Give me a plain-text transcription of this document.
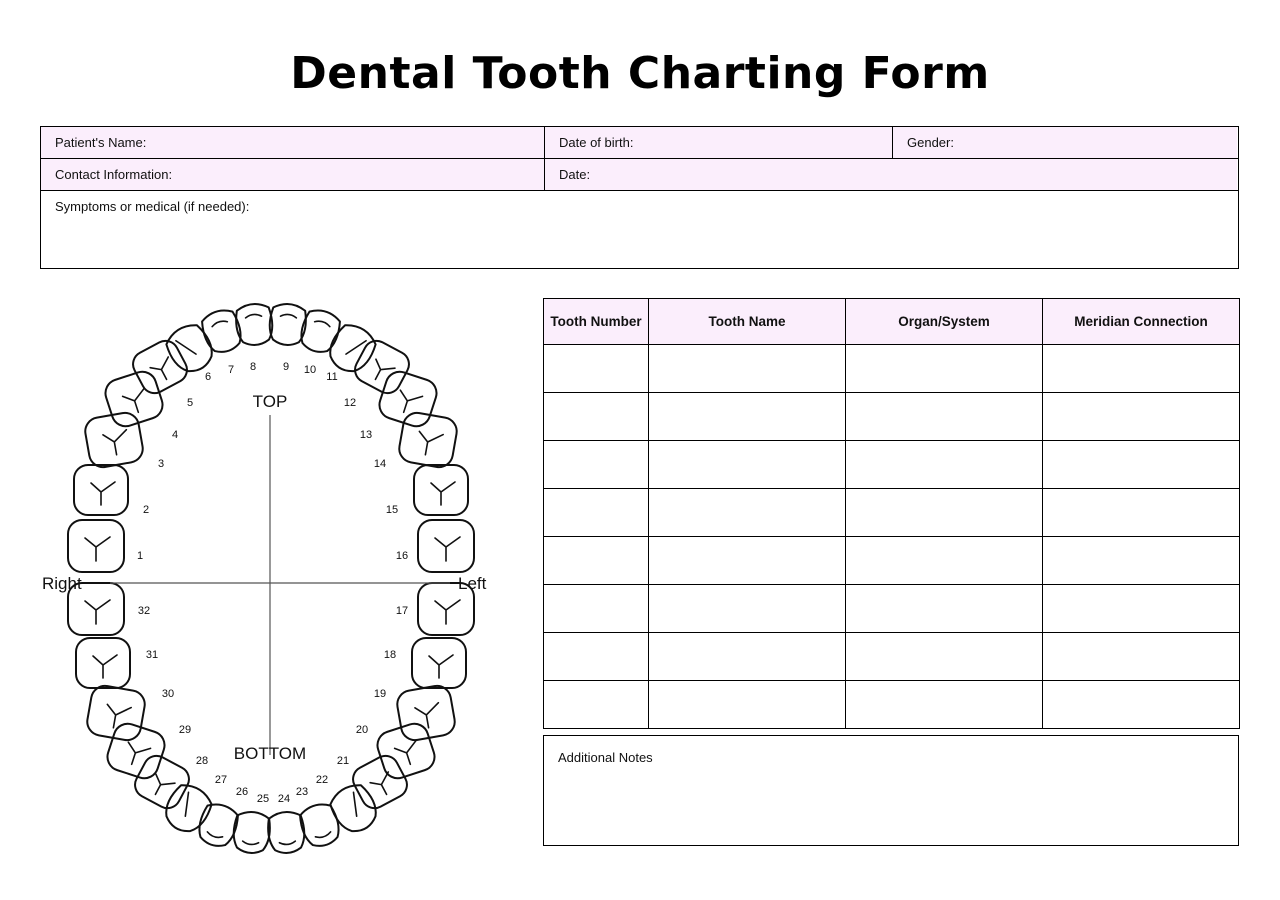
Dental Tooth Charting Form
Patient's Name:	Date of birth:	Gender:
Contact Information:	Date:
Symptoms or medical (if needed):
TOP
BOTTOM
Right	Left
1
2
3
4
5
6
7 8 9 10
11
12
13
14
15
16
17
18
19
20
21
22
23
24
25
26
27
28
29
30
31
32
Tooth Number	Tooth Name	Organ/System	Meridian Connection

Additional Notes
